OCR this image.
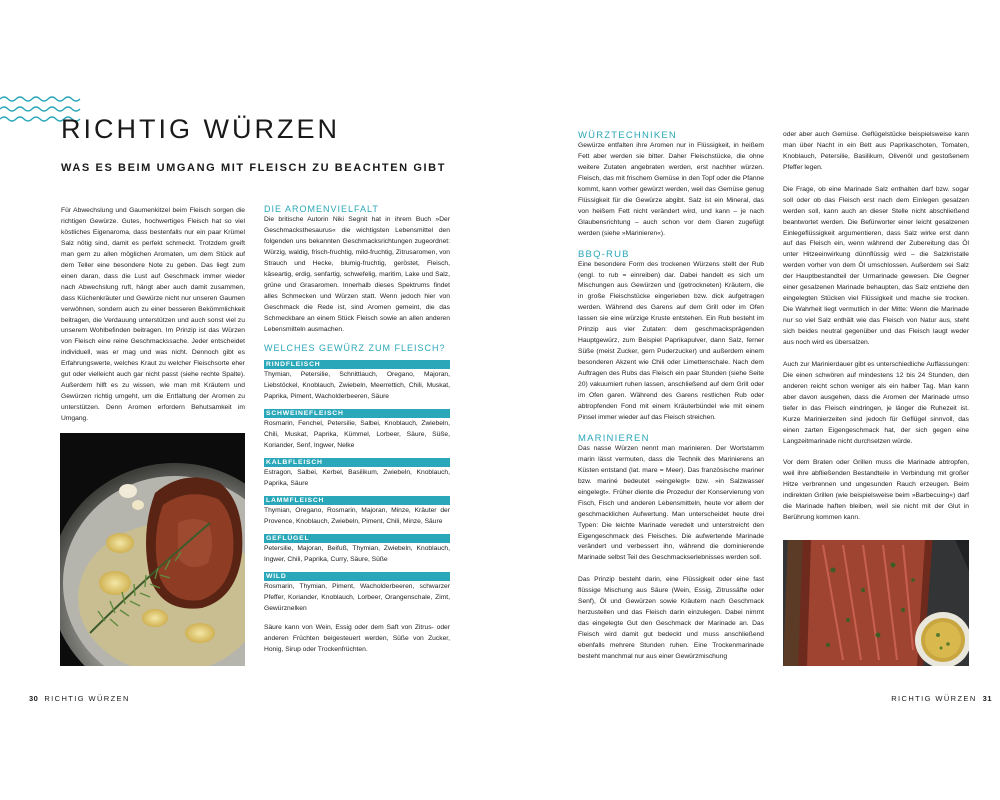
RICHTIG WÜRZEN
WAS ES BEIM UMGANG MIT FLEISCH ZU BEACHTEN GIBT

Für Abwechslung und Gaumenkitzel beim Fleisch sorgen die richtigen Gewürze. Gutes, hochwertiges Fleisch hat so viel köstliches Eigenaroma, dass bestenfalls nur ein paar Krümel Salz nötig sind, damit es perfekt schmeckt. Trotzdem greift man gern zu allen möglichen Aromaten, um dem Stück auf dem Teller eine besondere Note zu geben. Das liegt zum einen daran, dass die Lust auf Geschmack immer wieder nach Abwechslung ruft, hängt aber auch damit zusammen, dass Küchenkräuter und Gewürze nicht nur unseren Gaumen verwöhnen, sondern auch zu einer besseren Bekömmlichkeit beitragen, die Verdauung unterstützen und auch sonst viel zu unserem Wohlbefinden beitragen. Im Prinzip ist das Würzen von Fleisch eine reine Geschmackssache. Jeder entscheidet individuell, was er mag und was nicht. Dennoch gibt es Erfahrungswerte, welches Kraut zu welcher Fleischsorte eher gut oder vielleicht auch gar nicht passt (siehe rechte Spalte). Außerdem hilft es zu wissen, wie man mit Kräutern und Gewürzen richtig umgeht, um die Entfaltung der Aromen zu unterstützen. Denn Aromen erfordern Behutsamkeit im Umgang.

DIE AROMENVIELFALT

Die britische Autorin Niki Segnit hat in ihrem Buch »Der Geschmacksthesaurus« die wichtigsten Lebensmittel den folgenden uns bekannten Geschmacksrichtungen zugeordnet: Würzig, waldig, frisch-fruchtig, mild-fruchtig, Zitrusaromen, von Strauch und Hecke, blumig-fruchtig, geröstet, Fleisch, käseartig, erdig, senfartig, schwefelig, maritim, Lake und Salz, grüne und Grasaromen. Innerhalb dieses Spektrums findet alles Schmecken und Würzen statt. Wenn jedoch hier von Geschmack die Rede ist, sind Aromen gemeint, die das Schmeckbare an einem Stück Fleisch sowie an allen anderen Lebensmitteln ausmachen.

WELCHES GEWÜRZ ZUM FLEISCH?
RINDFLEISCH

Thymian, Petersilie, Schnittlauch, Oregano, Majoran, Liebstöckel, Knoblauch, Zwiebeln, Meerrettich, Chili, Muskat, Paprika, Piment, Wacholderbeeren, Säure

SCHWEINEFLEISCH

Rosmarin, Fenchel, Petersilie, Salbei, Knoblauch, Zwiebeln, Chili, Muskat, Paprika, Kümmel, Lorbeer, Säure, Süße, Koriander, Senf, Ingwer, Nelke

KALBFLEISCH

Estragon, Salbei, Kerbel, Basilikum, Zwiebeln, Knoblauch, Paprika, Säure

LAMMFLEISCH

Thymian, Oregano, Rosmarin, Majoran, Minze, Kräuter der Provence, Knoblauch, Zwiebeln, Piment, Chili, Minze, Säure

GEFLÜGEL

Petersilie, Majoran, Beifuß, Thymian, Zwiebeln, Knoblauch, Ingwer, Chili, Paprika, Curry, Säure, Süße

WILD

Rosmarin, Thymian, Piment, Wacholderbeeren, schwarzer Pfeffer, Koriander, Knoblauch, Lorbeer, Orangenschale, Zimt, Gewürznelken

Säure kann von Wein, Essig oder dem Saft von Zitrus- oder anderen Früchten beigesteuert werden, Süße von Zucker, Honig, Sirup oder Trockenfrüchten.

30 RICHTIG WÜRZEN
WÜRZTECHNIKEN

Gewürze entfalten ihre Aromen nur in Flüssigkeit, in heißem Fett aber werden sie bitter. Daher Fleischstücke, die ohne weitere Zutaten angebraten werden, erst nachher würzen. Fleisch, das mit frischem Gemüse in den Topf oder die Pfanne kommt, kann vorher gewürzt werden, weil das Gemüse genug Flüssigkeit für die Gewürze abgibt. Salz ist ein Mineral, das von heißem Fett nicht verändert wird, und kann – je nach Glaubensrichtung – auch schon vor dem Garen zugefügt werden (siehe »Marinieren«).

BBQ-RUB

Eine besondere Form des trockenen Würzens stellt der Rub (engl. to rub = einreiben) dar. Dabei handelt es sich um Mischungen aus Gewürzen und (getrockneten) Kräutern, die in große Fleischstücke eingerieben bzw. dick aufgetragen werden. Während des Garens auf dem Grill oder im Ofen lassen sie eine würzige Kruste entstehen. Ein Rub besteht im Prinzip aus vier Zutaten: dem geschmacksprägenden Hauptgewürz, zum Beispiel Paprikapulver, dann Salz, ferner Süße (meist Zucker, gern Puderzucker) und außerdem einem besonderen Akzent wie Chili oder Limettenschale. Nach dem Auftragen des Rubs das Fleisch ein paar Stunden (siehe Seite 20) vakuumiert ruhen lassen, anschließend auf dem Grill oder im Ofen garen. Während des Garens restlichen Rub oder abtropfenden Fond mit einem Kräuterbündel wie mit einem Pinsel immer wieder auf das Fleisch streichen.

MARINIEREN

Das nasse Würzen nennt man marinieren. Der Wortstamm marin lässt vermuten, dass die Technik des Marinierens an Küsten entstand (lat. mare = Meer). Das französische mariner bzw. mariné bedeutet »eingelegt« bzw. »in Salzwasser eingelegt«. Früher diente die Prozedur der Konservierung von Fisch, Fisch und anderen Lebensmitteln, heute vor allem der geschmacklichen Aufwertung. Man unterscheidet heute drei Typen: Die leichte Marinade veredelt und unterstreicht den Eigengeschmack des Fleisches. Die aufwertende Marinade verändert und verbessert ihn, während die dominierende Marinade selbst Teil des Geschmackserlebnisses werden soll.

Das Prinzip besteht darin, eine Flüssigkeit oder eine fast flüssige Mischung aus Säure (Wein, Essig, Zitrussäfte oder Senf), Öl und Gewürzen sowie Kräutern nach Geschmack herzustellen und das Fleisch darin einzulegen. Dabei nimmt das eingelegte Gut den Geschmack der Marinade an. Das Fleisch wird damit gut bedeckt und muss anschließend ebenfalls mehrere Stunden ruhen. Eine Trockenmarinade besteht manchmal nur aus einer Gewürzmischung

oder aber auch Gemüse. Geflügelstücke beispielsweise kann man über Nacht in ein Bett aus Paprikaschoten, Tomaten, Knoblauch, Petersilie, Basilikum, Olivenöl und gestoßenem Pfeffer legen.

Die Frage, ob eine Marinade Salz enthalten darf bzw. sogar soll oder ob das Fleisch erst nach dem Einlegen gesalzen werden soll, kann auch an dieser Stelle nicht abschließend beantwortet werden. Die Befürworter einer leicht gesalzenen Einlegeflüssigkeit argumentieren, dass Salz wirke erst dann auf das Fleisch ein, wenn während der Zubereitung das Öl unter Hitzeeinwirkung dünnflüssig wird – die Salzkristalle werden vorher von dem Öl umschlossen. Außerdem sei Salz der Hauptbestandteil der Urmarinade gewesen. Die Gegner einer gesalzenen Marinade behaupten, das Salz entziehe den eingelegten Stücken viel Flüssigkeit und mache sie trocken. Die Wahrheit liegt vermutlich in der Mitte: Wenn die Marinade nur so viel Salz enthält wie das Fleisch von Natur aus, steht sich beides neutral gegenüber und das Fleisch laugt weder aus noch wird es übersalzen.

Auch zur Marinierdauer gibt es unterschiedliche Auffassungen: Die einen schwören auf mindestens 12 bis 24 Stunden, den anderen reicht schon weniger als ein halber Tag. Man kann aber davon ausgehen, dass die Aromen der Marinade umso tiefer in das Fleisch eindringen, je länger die Ruhezeit ist. Kurze Marinierzeiten sind jedoch für Geflügel sinnvoll, das einen zarten Eigengeschmack hat, der sich gegen eine Langzeitmarinade nicht durchsetzen würde.

Vor dem Braten oder Grillen muss die Marinade abtropfen, weil ihre abfließenden Bestandteile in Verbindung mit großer Hitze verbrennen und ungesunden Rauch erzeugen. Beim indirekten Grillen (wie beispielsweise beim »Barbecuing«) darf die Marinade haften bleiben, weil sie nicht mit der Glut in Berührung kommen kann.

RICHTIG WÜRZEN 31
